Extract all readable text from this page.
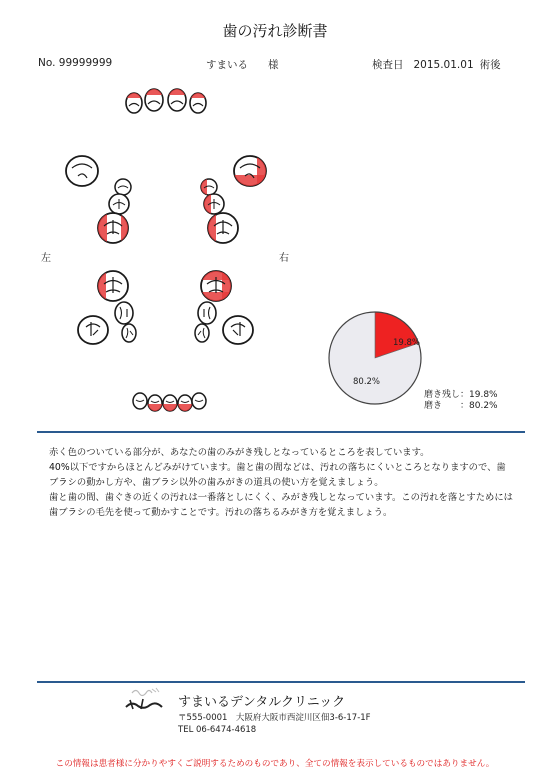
歯の汚れ診断書
No. 99999999	すまいる 様	検査日 2015.01.01 術後
左	右
19.8%
80.2%
磨き残し：19.8%
磨き　　：80.2%

赤く色のついている部分が、あなたの歯のみがき残しとなっているところを表しています。

40%以下ですからほとんどみがけています。歯と歯の間などは、汚れの落ちにくいところとなりますので、歯ブラシの動かし方や、歯ブラシ以外の歯みがきの道具の使い方を覚えましょう。

歯と歯の間、歯ぐきの近くの汚れは一番落としにくく、みがき残しとなっています。この汚れを落とすためには歯ブラシの毛先を使って動かすことです。汚れの落ちるみがき方を覚えましょう。

すまいるデンタルクリニック
〒555-0001　大阪府大阪市西淀川区佃3-6-17-1F
TEL 06-6474-4618
この情報は患者様に分かりやすくご説明するためのものであり、全ての情報を表示しているものではありません。
